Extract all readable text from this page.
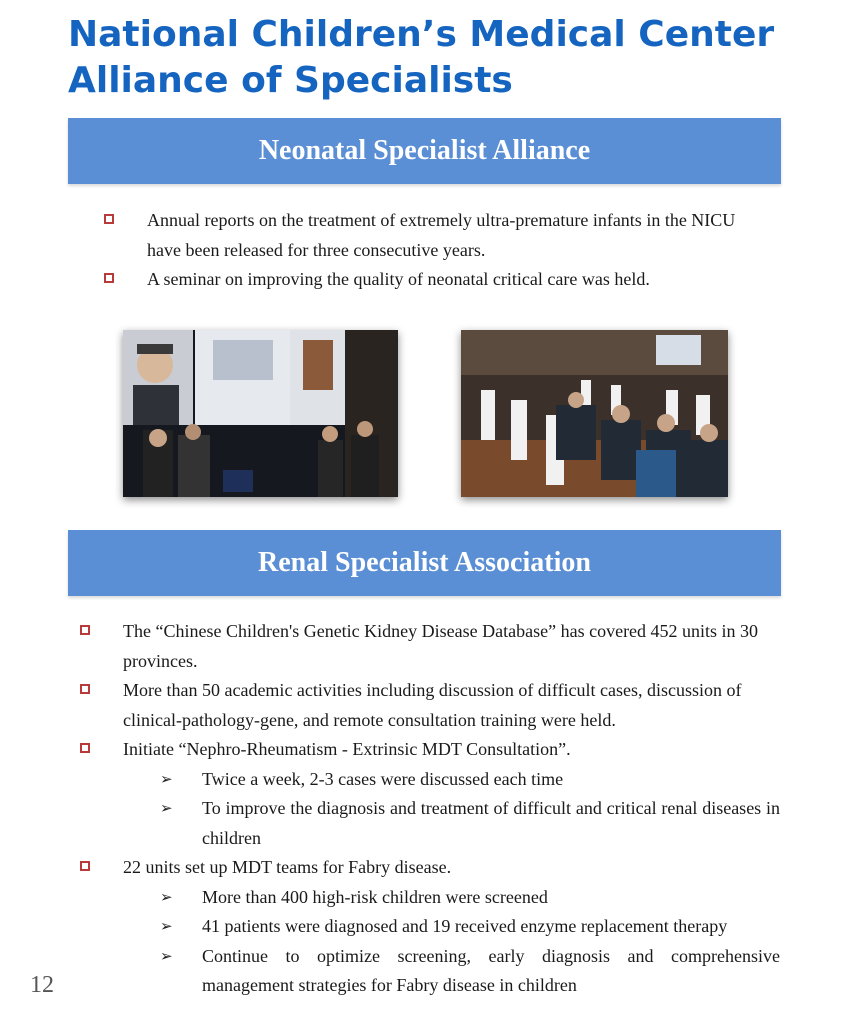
National Children’s Medical Center
Alliance of Specialists
Neonatal Specialist Alliance
Annual reports on the treatment of extremely ultra-premature infants in the NICU have been released for three consecutive years.
A seminar on improving the quality of neonatal critical care was held.
Renal Specialist Association
The “Chinese Children's Genetic Kidney Disease Database” has covered 452 units in 30 provinces.
More than 50 academic activities including discussion of difficult cases, discussion of clinical-pathology-gene, and remote consultation training were held.
Initiate “Nephro-Rheumatism - Extrinsic MDT Consultation”.
➢ Twice a week, 2-3 cases were discussed each time
➢ To improve the diagnosis and treatment of difficult and critical renal diseases in children
22 units set up MDT teams for Fabry disease.
➢ More than 400 high-risk children were screened
➢ 41 patients were diagnosed and 19 received enzyme replacement therapy
➢ Continue to optimize screening, early diagnosis and comprehensive management strategies for Fabry disease in children
12
